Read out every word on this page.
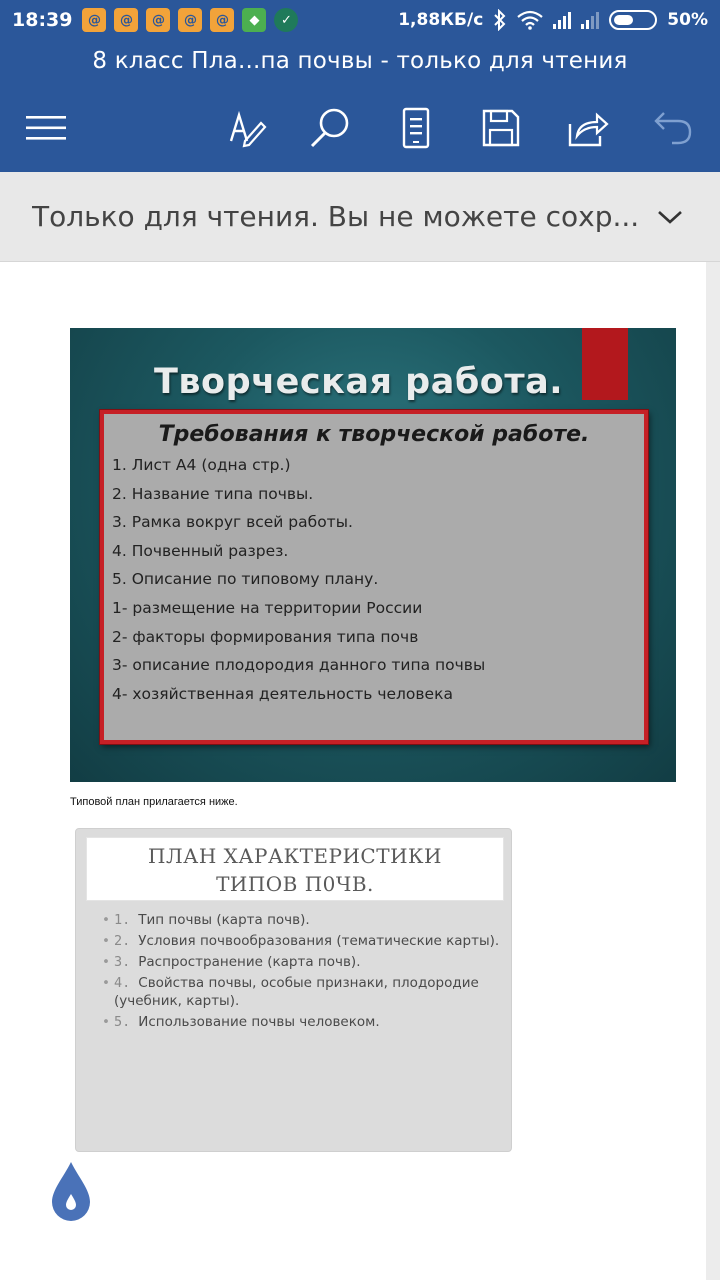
18:39	@	@	@	@	@	◆	✓	1,88КБ/с	50%
8 класс Пла...па почвы - только для чтения
Только для чтения. Вы не можете сохр...
Творческая работа.
Требования к творческой работе.
1. Лист А4 (одна стр.)
2. Название типа почвы.
3. Рамка вокруг всей работы.
4. Почвенный разрез.
5. Описание по типовому плану.
1- размещение на территории России
2- факторы формирования типа почв
3- описание плодородия данного типа почвы
4- хозяйственная деятельность человека
Типовой план прилагается ниже.
ПЛАН ХАРАКТЕРИСТИКИ
ТИПОВ П0ЧВ.
• 1. Тип почвы (карта почв).
• 2. Условия почвообразования (тематические карты).
• 3. Распространение (карта почв).
• 4. Свойства почвы, особые признаки, плодородие (учебник, карты).
• 5. Использование почвы человеком.
